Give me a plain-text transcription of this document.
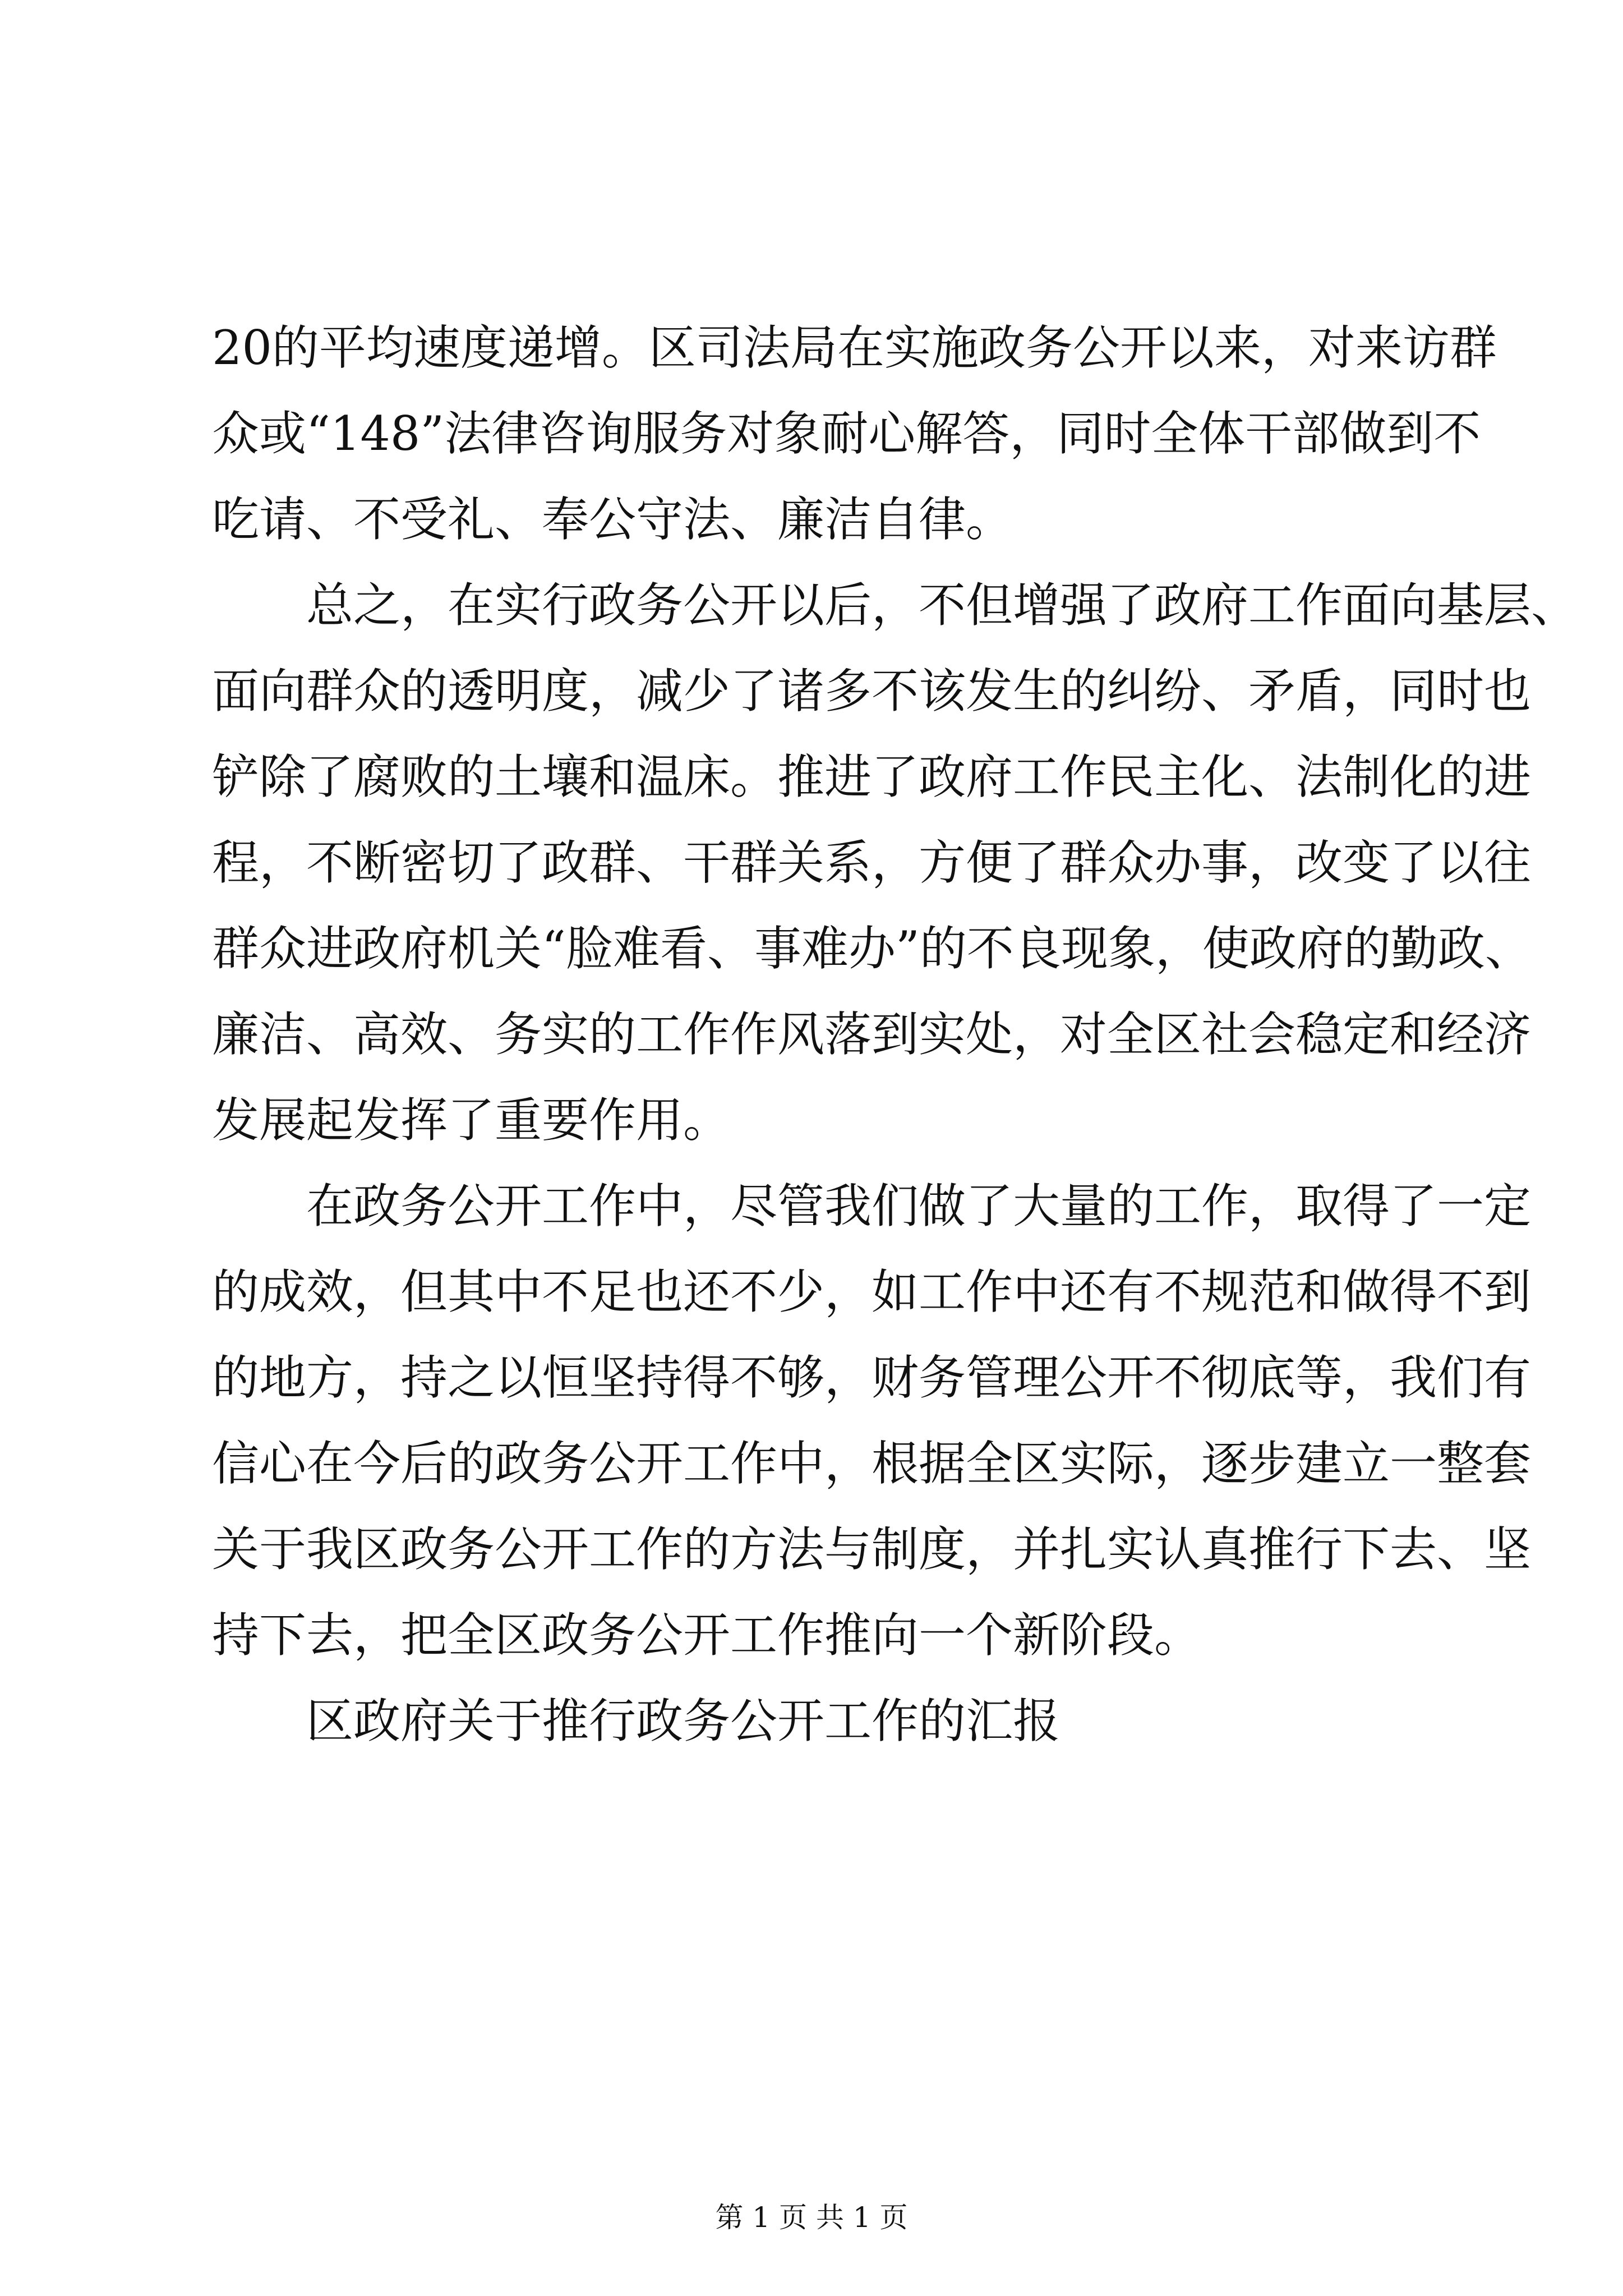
20的平均速度递增。区司法局在实施政务公开以来，对来访群
众或“148”法律咨询服务对象耐心解答，同时全体干部做到不
吃请、不受礼、奉公守法、廉洁自律。
总之，在实行政务公开以后，不但增强了政府工作面向基层、
面向群众的透明度，减少了诸多不该发生的纠纷、矛盾，同时也
铲除了腐败的土壤和温床。推进了政府工作民主化、法制化的进
程，不断密切了政群、干群关系，方便了群众办事，改变了以往
群众进政府机关“脸难看、事难办”的不良现象，使政府的勤政、
廉洁、高效、务实的工作作风落到实处，对全区社会稳定和经济
发展起发挥了重要作用。
在政务公开工作中，尽管我们做了大量的工作，取得了一定
的成效，但其中不足也还不少，如工作中还有不规范和做得不到
的地方，持之以恒坚持得不够，财务管理公开不彻底等，我们有
信心在今后的政务公开工作中，根据全区实际，逐步建立一整套
关于我区政务公开工作的方法与制度，并扎实认真推行下去、坚
持下去，把全区政务公开工作推向一个新阶段。
区政府关于推行政务公开工作的汇报
第 1 页 共 1 页
